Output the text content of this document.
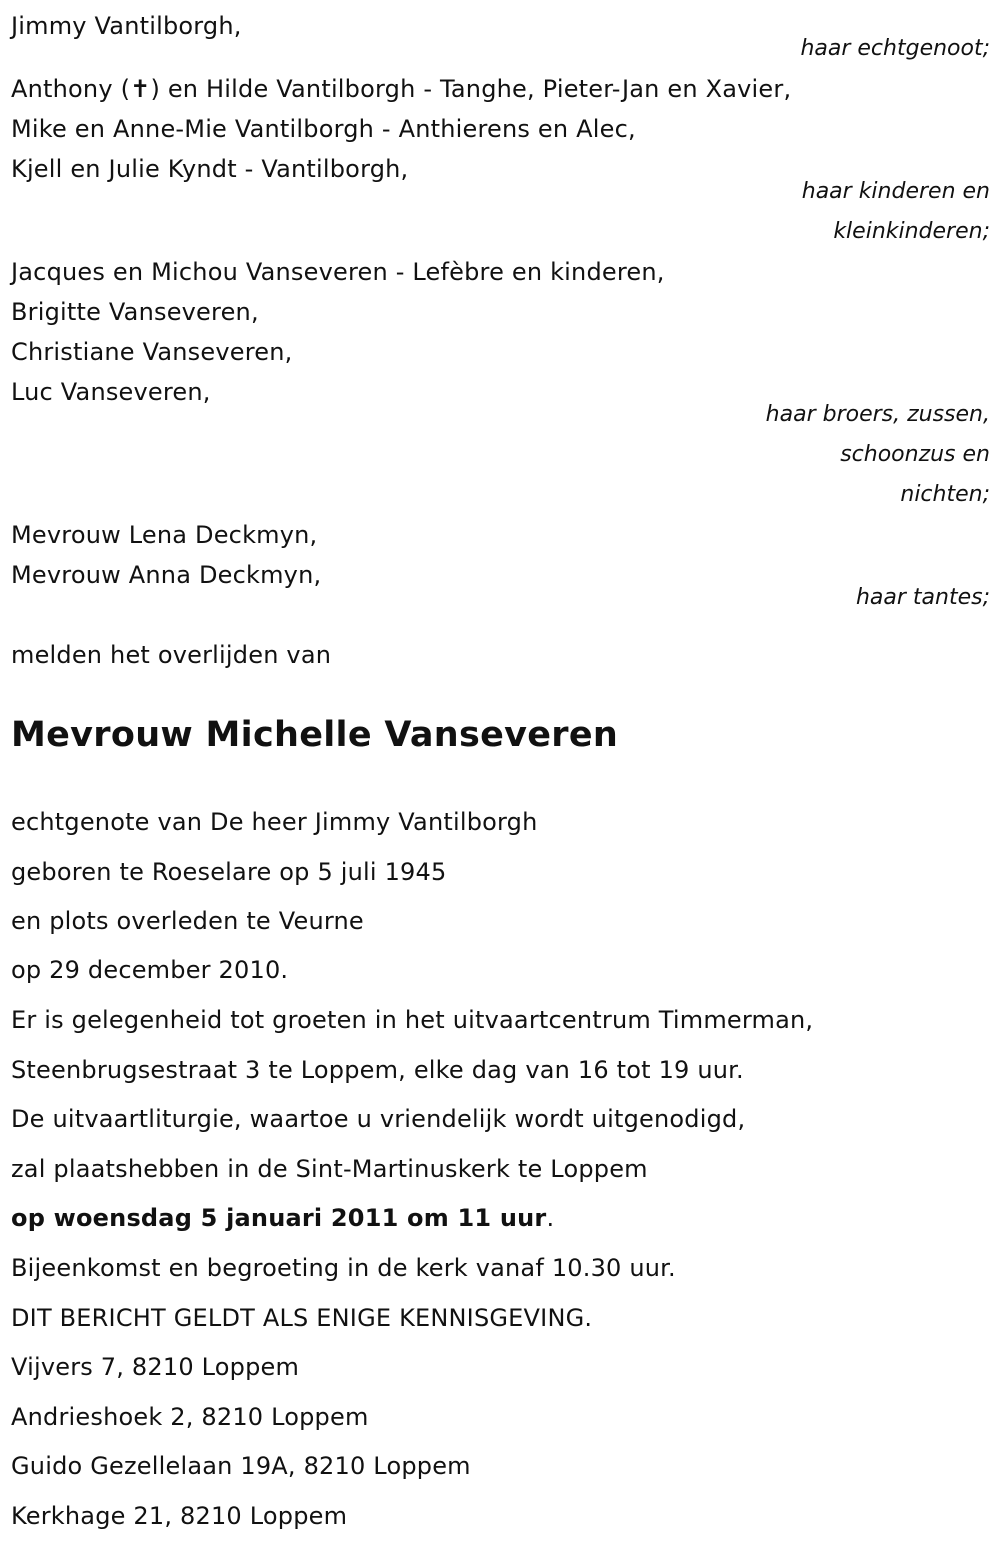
Jimmy Vantilborgh,
haar echtgenoot;
Anthony (✝) en Hilde Vantilborgh - Tanghe, Pieter-Jan en Xavier,
Mike en Anne-Mie Vantilborgh - Anthierens en Alec,
Kjell en Julie Kyndt - Vantilborgh,
haar kinderen en
kleinkinderen;
Jacques en Michou Vanseveren - Lefèbre en kinderen,
Brigitte Vanseveren,
Christiane Vanseveren,
Luc Vanseveren,
haar broers, zussen,
schoonzus en
nichten;
Mevrouw Lena Deckmyn,
Mevrouw Anna Deckmyn,
haar tantes;
melden het overlijden van
Mevrouw Michelle Vanseveren
echtgenote van De heer Jimmy Vantilborgh
geboren te Roeselare op 5 juli 1945
en plots overleden te Veurne
op 29 december 2010.
Er is gelegenheid tot groeten in het uitvaartcentrum Timmerman,
Steenbrugsestraat 3 te Loppem, elke dag van 16 tot 19 uur.
De uitvaartliturgie, waartoe u vriendelijk wordt uitgenodigd,
zal plaatshebben in de Sint-Martinuskerk te Loppem
op woensdag 5 januari 2011 om 11 uur.
Bijeenkomst en begroeting in de kerk vanaf 10.30 uur.
DIT BERICHT GELDT ALS ENIGE KENNISGEVING.
Vijvers 7, 8210 Loppem
Andrieshoek 2, 8210 Loppem
Guido Gezellelaan 19A, 8210 Loppem
Kerkhage 21, 8210 Loppem
